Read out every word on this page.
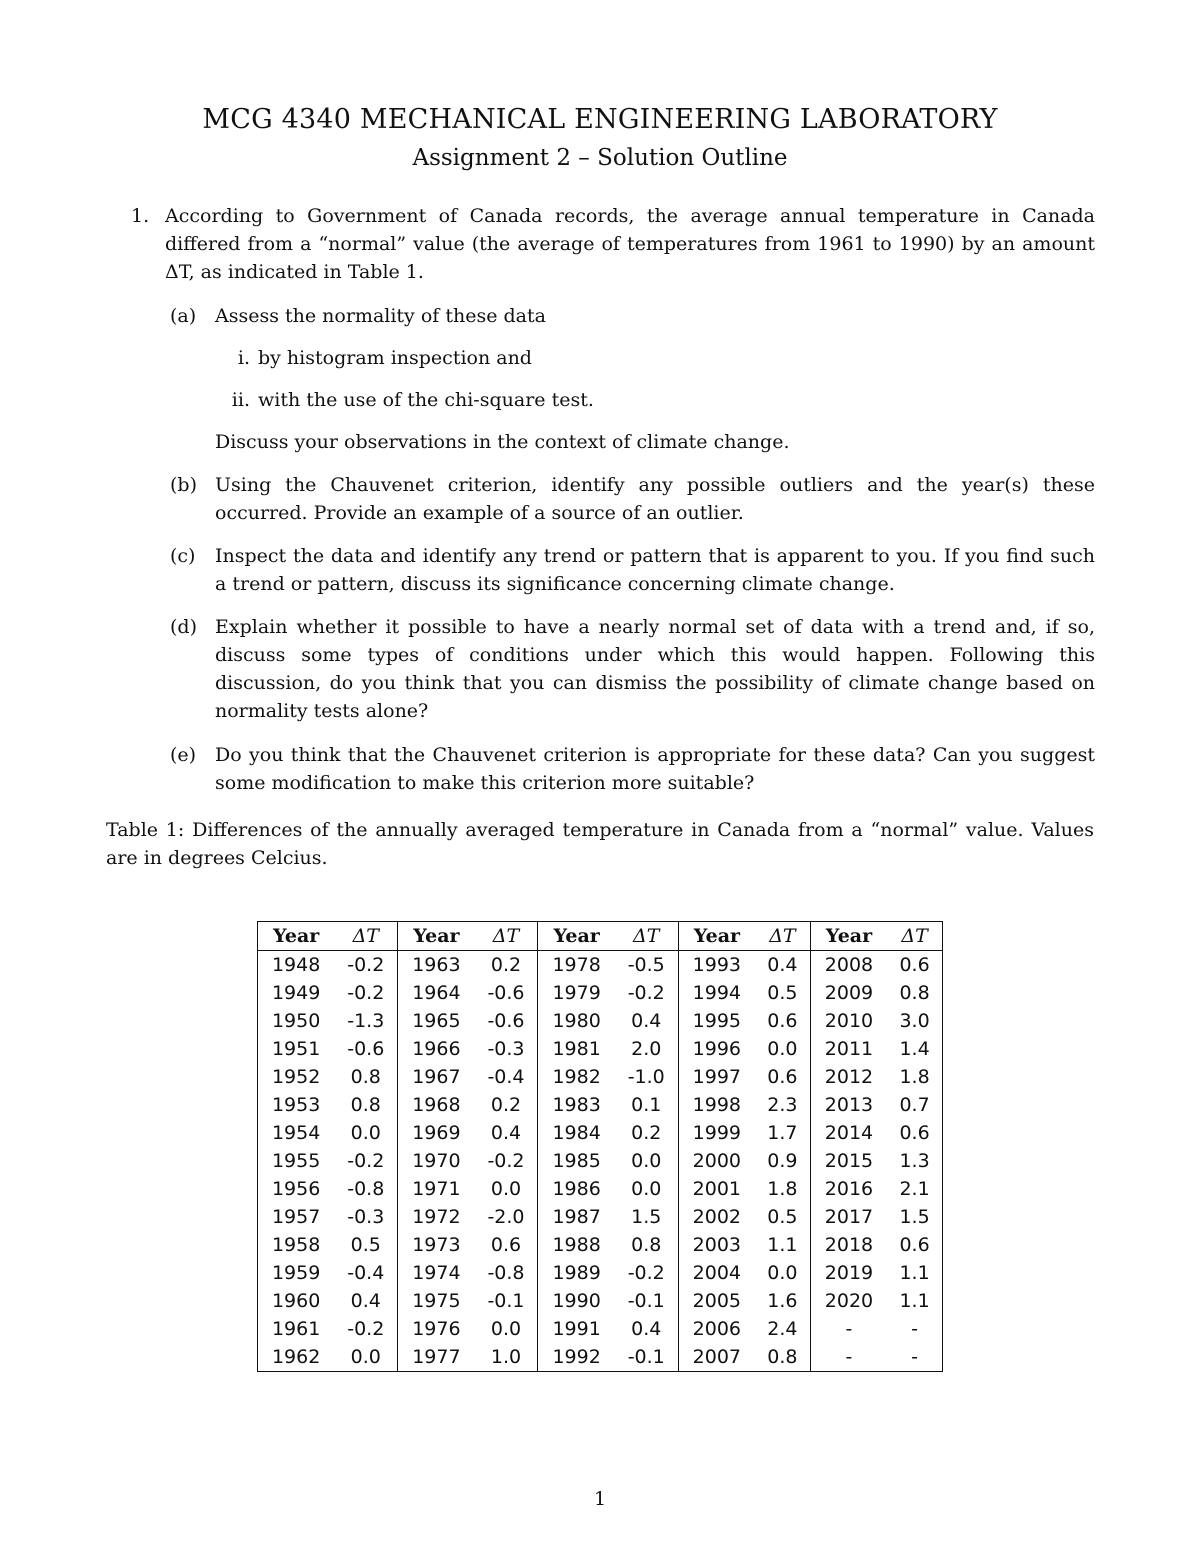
MCG 4340 MECHANICAL ENGINEERING LABORATORY
Assignment 2 – Solution Outline
1. According to Government of Canada records, the average annual temperature in Canada differed from a “normal” value (the average of temperatures from 1961 to 1990) by an amount ΔT, as indicated in Table 1.
(a) Assess the normality of these data
i. by histogram inspection and
ii. with the use of the chi-square test.
Discuss your observations in the context of climate change.
(b) Using the Chauvenet criterion, identify any possible outliers and the year(s) these occurred. Provide an example of a source of an outlier.
(c) Inspect the data and identify any trend or pattern that is apparent to you. If you find such a trend or pattern, discuss its significance concerning climate change.
(d) Explain whether it possible to have a nearly normal set of data with a trend and, if so, discuss some types of conditions under which this would happen. Following this discussion, do you think that you can dismiss the possibility of climate change based on normality tests alone?
(e) Do you think that the Chauvenet criterion is appropriate for these data? Can you suggest some modification to make this criterion more suitable?
Table 1: Differences of the annually averaged temperature in Canada from a “normal” value. Values are in degrees Celcius.
Year	ΔT	Year	ΔT	Year	ΔT	Year	ΔT	Year	ΔT
1948	-0.2	1963	0.2	1978	-0.5	1993	0.4	2008	0.6
1949	-0.2	1964	-0.6	1979	-0.2	1994	0.5	2009	0.8
1950	-1.3	1965	-0.6	1980	0.4	1995	0.6	2010	3.0
1951	-0.6	1966	-0.3	1981	2.0	1996	0.0	2011	1.4
1952	0.8	1967	-0.4	1982	-1.0	1997	0.6	2012	1.8
1953	0.8	1968	0.2	1983	0.1	1998	2.3	2013	0.7
1954	0.0	1969	0.4	1984	0.2	1999	1.7	2014	0.6
1955	-0.2	1970	-0.2	1985	0.0	2000	0.9	2015	1.3
1956	-0.8	1971	0.0	1986	0.0	2001	1.8	2016	2.1
1957	-0.3	1972	-2.0	1987	1.5	2002	0.5	2017	1.5
1958	0.5	1973	0.6	1988	0.8	2003	1.1	2018	0.6
1959	-0.4	1974	-0.8	1989	-0.2	2004	0.0	2019	1.1
1960	0.4	1975	-0.1	1990	-0.1	2005	1.6	2020	1.1
1961	-0.2	1976	0.0	1991	0.4	2006	2.4	-	-
1962	0.0	1977	1.0	1992	-0.1	2007	0.8	-	-
1
